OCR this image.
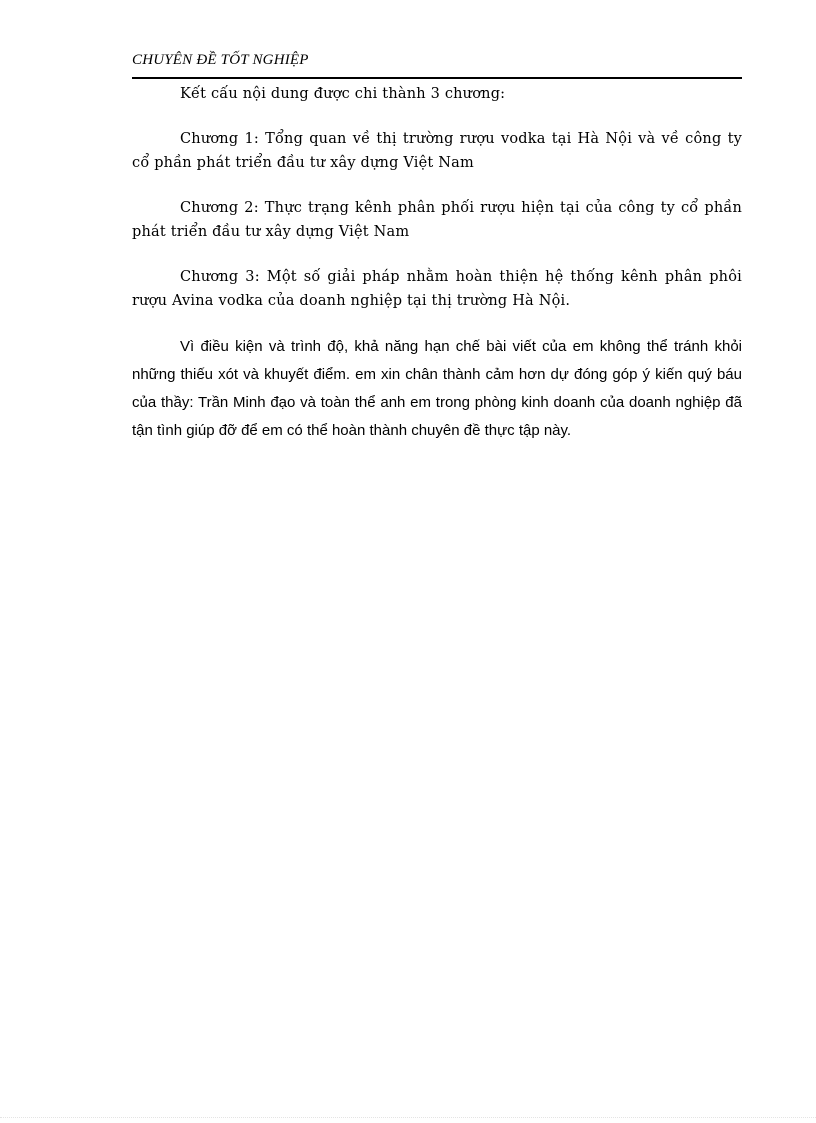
CHUYÊN ĐỀ TỐT NGHIỆP

Kết cấu nội dung được chi thành 3 chương:

Chương 1: Tổng quan về thị trường rượu vodka tại Hà Nội và về công ty cổ phần phát triển đầu tư xây dựng Việt Nam

Chương 2: Thực trạng kênh phân phối rượu hiện tại của công ty cổ phần phát triển đầu tư xây dựng Việt Nam

Chương 3: Một số giải pháp nhằm hoàn thiện hệ thống kênh phân phôi rượu Avina vodka của doanh nghiệp tại thị trường Hà Nội.

Vì điều kiện và trình độ, khả năng hạn chế bài viết của em không thể tránh khỏi những thiếu xót và khuyết điểm. em xin chân thành cảm hơn dự đóng góp ý kiến quý báu của thầy: Trần Minh đạo và toàn thể anh em trong phòng kinh doanh của doanh nghiệp đã tận tình giúp đỡ để em có thể hoàn thành chuyên đề thực tập này.
